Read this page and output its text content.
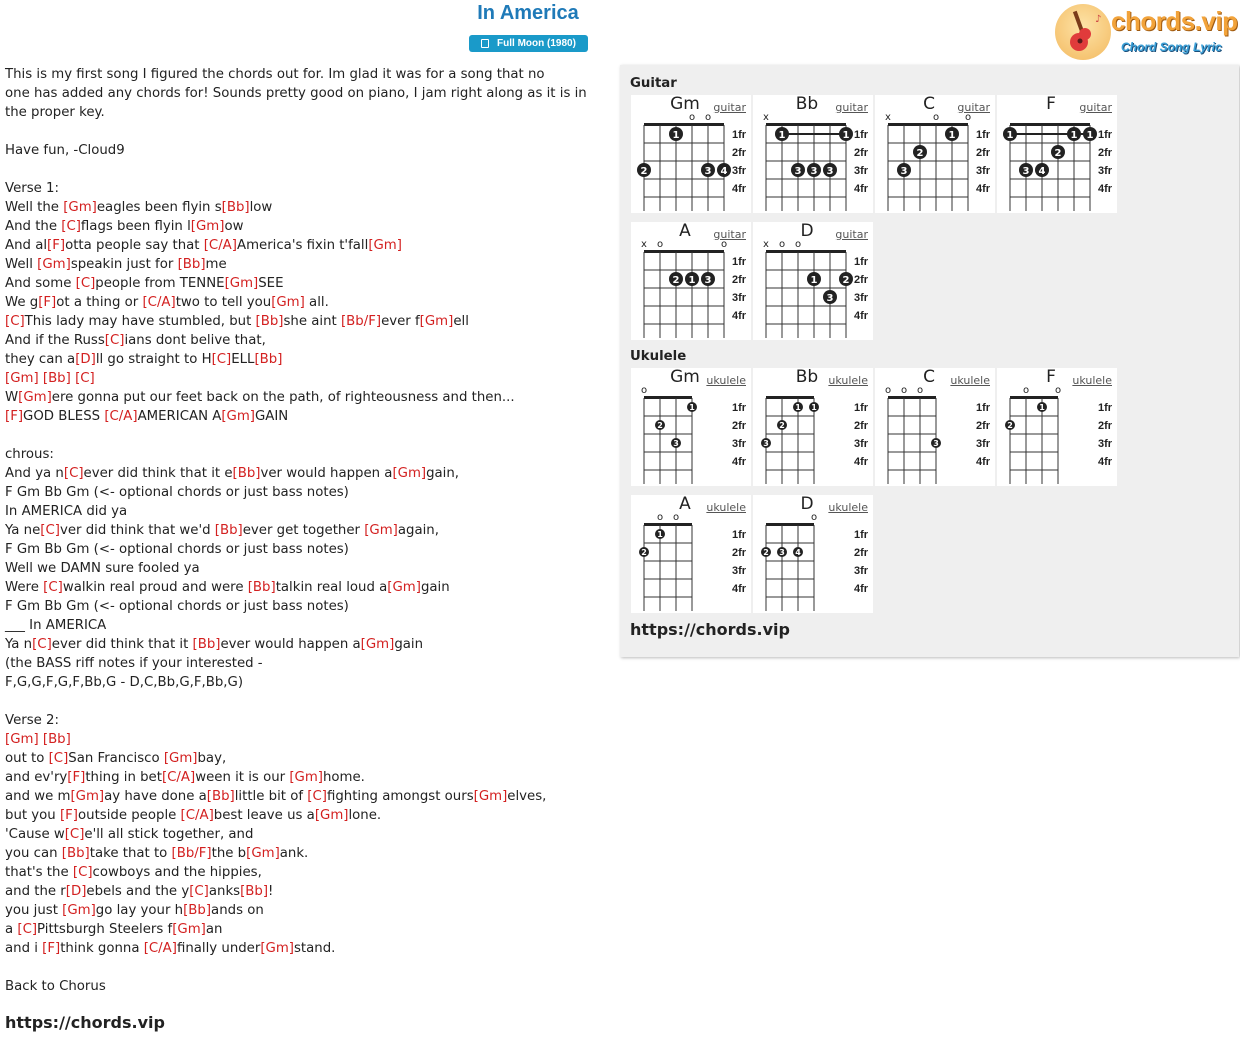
In America
Full Moon (1980)
♪ chords.vip
Chord Song Lyric
This is my first song I figured the chords out for. Im glad it was for a song that no
one has added any chords for! Sounds pretty good on piano, I jam right along as it is in
the proper key.
Have fun, -Cloud9
Verse 1:
Well the [Gm]eagles been flyin s[Bb]low
And the [C]flags been flyin l[Gm]ow
And al[F]otta people say that [C/A]America's fixin t'fall[Gm]
Well [Gm]speakin just for [Bb]me
And some [C]people from TENNE[Gm]SEE
We g[F]ot a thing or [C/A]two to tell you[Gm] all.
[C]This lady may have stumbled, but [Bb]she aint [Bb/F]ever f[Gm]ell
And if the Russ[C]ians dont belive that,
they can a[D]ll go straight to H[C]ELL[Bb]
[Gm] [Bb] [C]
W[Gm]ere gonna put our feet back on the path, of righteousness and then...
[F]GOD BLESS [C/A]AMERICAN A[Gm]GAIN
chrous:
And ya n[C]ever did think that it e[Bb]ver would happen a[Gm]gain,
F Gm Bb Gm (<- optional chords or just bass notes)
In AMERICA did ya
Ya ne[C]ver did think that we'd [Bb]ever get together [Gm]again,
F Gm Bb Gm (<- optional chords or just bass notes)
Well we DAMN sure fooled ya
Were [C]walkin real proud and were [Bb]talkin real loud a[Gm]gain
F Gm Bb Gm (<- optional chords or just bass notes)
___ In AMERICA
Ya n[C]ever did think that it [Bb]ever would happen a[Gm]gain
(the BASS riff notes if your interested -
F,G,G,F,G,F,Bb,G - D,C,Bb,G,F,Bb,G)
Verse 2:
[Gm] [Bb]
out to [C]San Francisco [Gm]bay,
and ev'ry[F]thing in bet[C/A]ween it is our [Gm]home.
and we m[Gm]ay have done a[Bb]little bit of [C]fighting amongst ours[Gm]elves,
but you [F]outside people [C/A]best leave us a[Gm]lone.
'Cause w[C]e'll all stick together, and
you can [Bb]take that to [Bb/F]the b[Gm]ank.
that's the [C]cowboys and the hippies,
and the r[D]ebels and the y[C]anks[Bb]!
you just [Gm]go lay your h[Bb]ands on
a [C]Pittsburgh Steelers f[Gm]an
and i [F]think gonna [C/A]finally under[Gm]stand.
Back to Chorus
https://chords.vip
Guitar
Ukulele
https://chords.vip
1fr
2fr
3fr
4fr
o o
1
2	3 4
Gm	guitar
1fr
2fr
3fr
4fr
x
1	1
3 3 3
Bb	guitar
1fr
2fr
3fr
4fr
x	o	o
1
2
3
C	guitar
1fr
2fr
3fr
4fr
1	1 1
2
3 4
F	guitar
1fr
2fr
3fr
4fr
x o	o
2 1 3
A	guitar
1fr
2fr
3fr
4fr
x o o
1	2
3
D	guitar
1fr
2fr
3fr
4fr
o
1
2
3
Gm ukulele
1fr
2fr
3fr
4fr
1 1
2
3
Bb ukulele
1fr
2fr
3fr
4fr
o o o
3
C	ukulele
1fr
2fr
3fr
4fr
o	o
1
2
F	ukulele
1fr
2fr
3fr
4fr
o o
1
2
A	ukulele
1fr
2fr
3fr
4fr
o
2 3 4
D	ukulele
